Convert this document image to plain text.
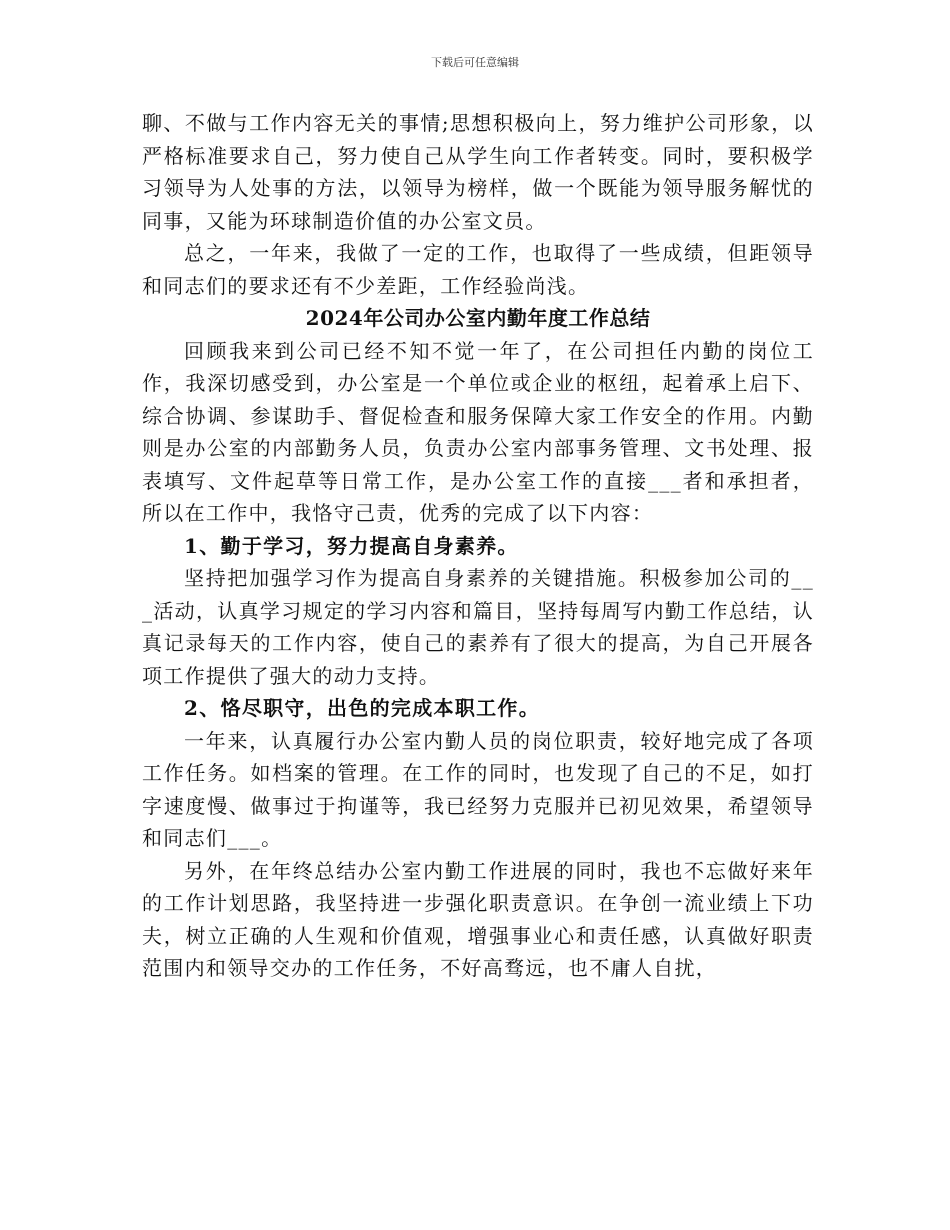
下载后可任意编辑

聊、不做与工作内容无关的事情;思想积极向上，努力维护公司形象，以严格标准要求自己，努力使自己从学生向工作者转变。同时，要积极学习领导为人处事的方法，以领导为榜样，做一个既能为领导服务解忧的同事，又能为环球制造价值的办公室文员。

总之，一年来，我做了一定的工作，也取得了一些成绩，但距领导和同志们的要求还有不少差距，工作经验尚浅。

2024年公司办公室内勤年度工作总结

回顾我来到公司已经不知不觉一年了，在公司担任内勤的岗位工作，我深切感受到，办公室是一个单位或企业的枢纽，起着承上启下、综合协调、参谋助手、督促检查和服务保障大家工作安全的作用。内勤则是办公室的内部勤务人员，负责办公室内部事务管理、文书处理、报表填写、文件起草等日常工作，是办公室工作的直接___者和承担者，所以在工作中，我恪守己责，优秀的完成了以下内容：

1、勤于学习，努力提高自身素养。

坚持把加强学习作为提高自身素养的关键措施。积极参加公司的___活动，认真学习规定的学习内容和篇目，坚持每周写内勤工作总结，认真记录每天的工作内容，使自己的素养有了很大的提高，为自己开展各项工作提供了强大的动力支持。

2、恪尽职守，出色的完成本职工作。

一年来，认真履行办公室内勤人员的岗位职责，较好地完成了各项工作任务。如档案的管理。在工作的同时，也发现了自己的不足，如打字速度慢、做事过于拘谨等，我已经努力克服并已初见效果，希望领导和同志们___。

另外，在年终总结办公室内勤工作进展的同时，我也不忘做好来年的工作计划思路，我坚持进一步强化职责意识。在争创一流业绩上下功夫，树立正确的人生观和价值观，增强事业心和责任感，认真做好职责范围内和领导交办的工作任务，不好高骛远，也不庸人自扰，
